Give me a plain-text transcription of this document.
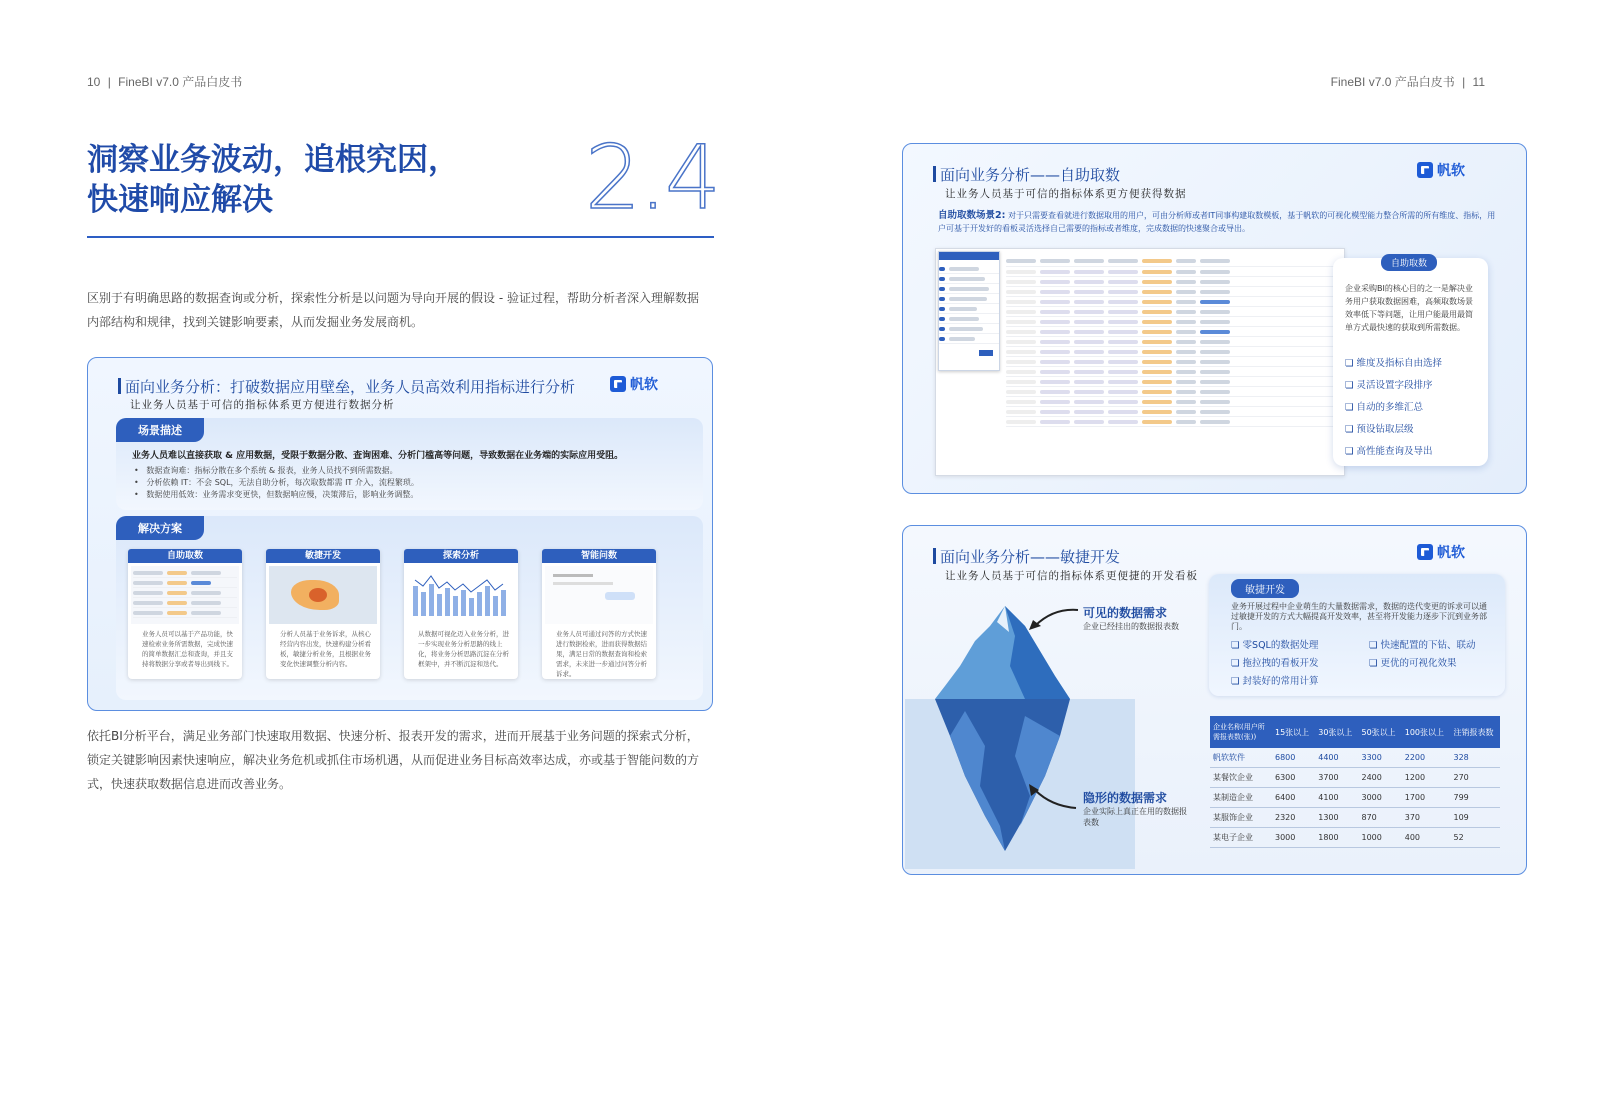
10 | FineBI v7.0 产品白皮书	FineBI v7.0 产品白皮书 | 11
洞察业务波动，追根究因，
快速响应解决	2.4
区别于有明确思路的数据查询或分析，探索性分析是以问题为导向开展的假设 - 验证过程，帮助分析者深入理解数据
内部结构和规律，找到关键影响要素，从而发掘业务发展商机。
面向业务分析：打破数据应用壁垒，业务人员高效利用指标进行分析	帆软
让业务人员基于可信的指标体系更方便进行数据分析
场景描述
业务人员难以直接获取 & 应用数据，受限于数据分散、查询困难、分析门槛高等问题，导致数据在业务端的实际应用受阻。
•   数据查询难：指标分散在多个系统 & 报表，业务人员找不到所需数据。
•   分析依赖 IT：不会 SQL，无法自助分析，每次取数都需 IT 介入，流程繁琐。
•   数据使用低效：业务需求变更快，但数据响应慢，决策滞后，影响业务调整。
解决方案
自助取数
业务人员可以基于产品功能，快速检索业务所需数据，完成快速的简单数据汇总和查询，并且支持将数据分享或者导出到线下。
敏捷开发
分析人员基于业务诉求，从核心经营内容出发，快速构建分析看板，敏捷分析业务，且根据业务变化快速调整分析内容。
探索分析
从数据可视化迈入业务分析，进一步实现业务分析思路的线上化，将业务分析思路沉淀在分析框架中，并不断沉淀和迭代。
智能问数
业务人员可通过问答的方式快速进行数据检索，进而获得数据结果，满足日常的数据查询和检索需求，未来进一步通过问答分析诉求。
依托BI分析平台，满足业务部门快速取用数据、快速分析、报表开发的需求，进而开展基于业务问题的探索式分析，
锁定关键影响因素快速响应，解决业务危机或抓住市场机遇，从而促进业务目标高效率达成，亦或基于智能问数的方
式，快速获取数据信息进而改善业务。
面向业务分析——自助取数	帆软
让业务人员基于可信的指标体系更方便获得数据
自助取数场景2: 对于只需要查看就进行数据取用的用户，可由分析师或者IT同事构建取数模板，基于帆软的可视化模型能力整合所需的所有维度、指标，用户可基于开发好的看板灵活选择自己需要的指标或者维度，完成数据的快速聚合或导出。
自助取数
企业采购BI的核心目的之一是解决业务用户获取数据困难，高频取数场景效率低下等问题，让用户能最用最简单方式最快速的获取到所需数据。
❏ 维度及指标自由选择
❏ 灵活设置字段排序
❏ 自动的多维汇总
❏ 预设钻取层级
❏ 高性能查询及导出
面向业务分析——敏捷开发	帆软
让业务人员基于可信的指标体系更便捷的开发看板
可见的数据需求
企业已经挂出的数据报表数
隐形的数据需求
企业实际上真正在用的数据报表数
敏捷开发
业务开展过程中企业萌生的大量数据需求，数据的迭代变更的诉求可以通过敏捷开发的方式大幅提高开发效率，甚至将开发能力逐步下沉到业务部门。
❏ 零SQL的数据处理
❏ 拖拉拽的看板开发
❏ 封装好的常用计算
❏ 快速配置的下钻、联动
❏ 更优的可视化效果
企业名称(用户所需报表数(张))	15张以上	30张以上	50张以上	100张以上	注销报表数
帆软软件	6800	4400	3300	2200	328
某餐饮企业	6300	3700	2400	1200	270
某制造企业	6400	4100	3000	1700	799
某服饰企业	2320	1300	870	370	109
某电子企业	3000	1800	1000	400	52
